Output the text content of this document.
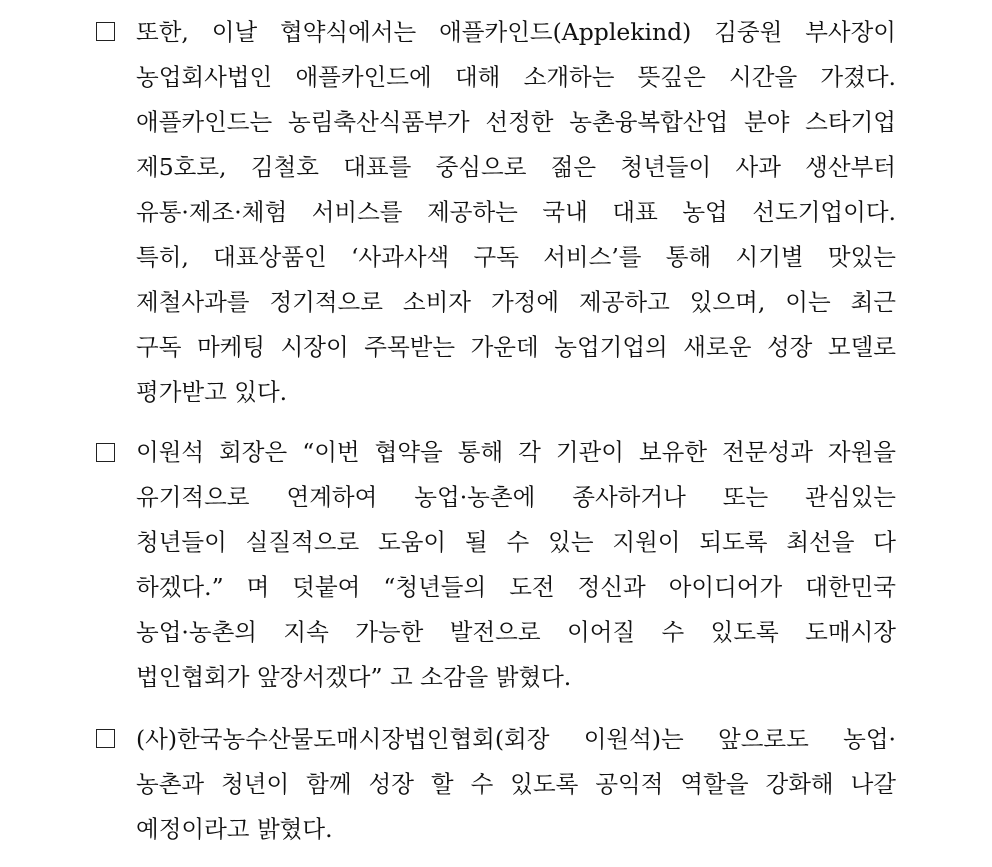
또한, 이날 협약식에서는 애플카인드(Applekind) 김중원 부사장이
농업회사법인 애플카인드에 대해 소개하는 뜻깊은 시간을 가졌다.
애플카인드는 농림축산식품부가 선정한 농촌융복합산업 분야 스타기업
제5호로, 김철호 대표를 중심으로 젊은 청년들이 사과 생산부터
유통·제조·체험 서비스를 제공하는 국내 대표 농업 선도기업이다.
특히, 대표상품인 ‘사과사색 구독 서비스’를 통해 시기별 맛있는
제철사과를 정기적으로 소비자 가정에 제공하고 있으며, 이는 최근
구독 마케팅 시장이 주목받는 가운데 농업기업의 새로운 성장 모델로
평가받고 있다.
이원석 회장은 “이번 협약을 통해 각 기관이 보유한 전문성과 자원을
유기적으로 연계하여 농업·농촌에 종사하거나 또는 관심있는
청년들이 실질적으로 도움이 될 수 있는 지원이 되도록 최선을 다
하겠다.” 며 덧붙여 “청년들의 도전 정신과 아이디어가 대한민국
농업·농촌의 지속 가능한 발전으로 이어질 수 있도록 도매시장
법인협회가 앞장서겠다” 고 소감을 밝혔다.
(사)한국농수산물도매시장법인협회(회장 이원석)는 앞으로도 농업·
농촌과 청년이 함께 성장 할 수 있도록 공익적 역할을 강화해 나갈
예정이라고 밝혔다.
